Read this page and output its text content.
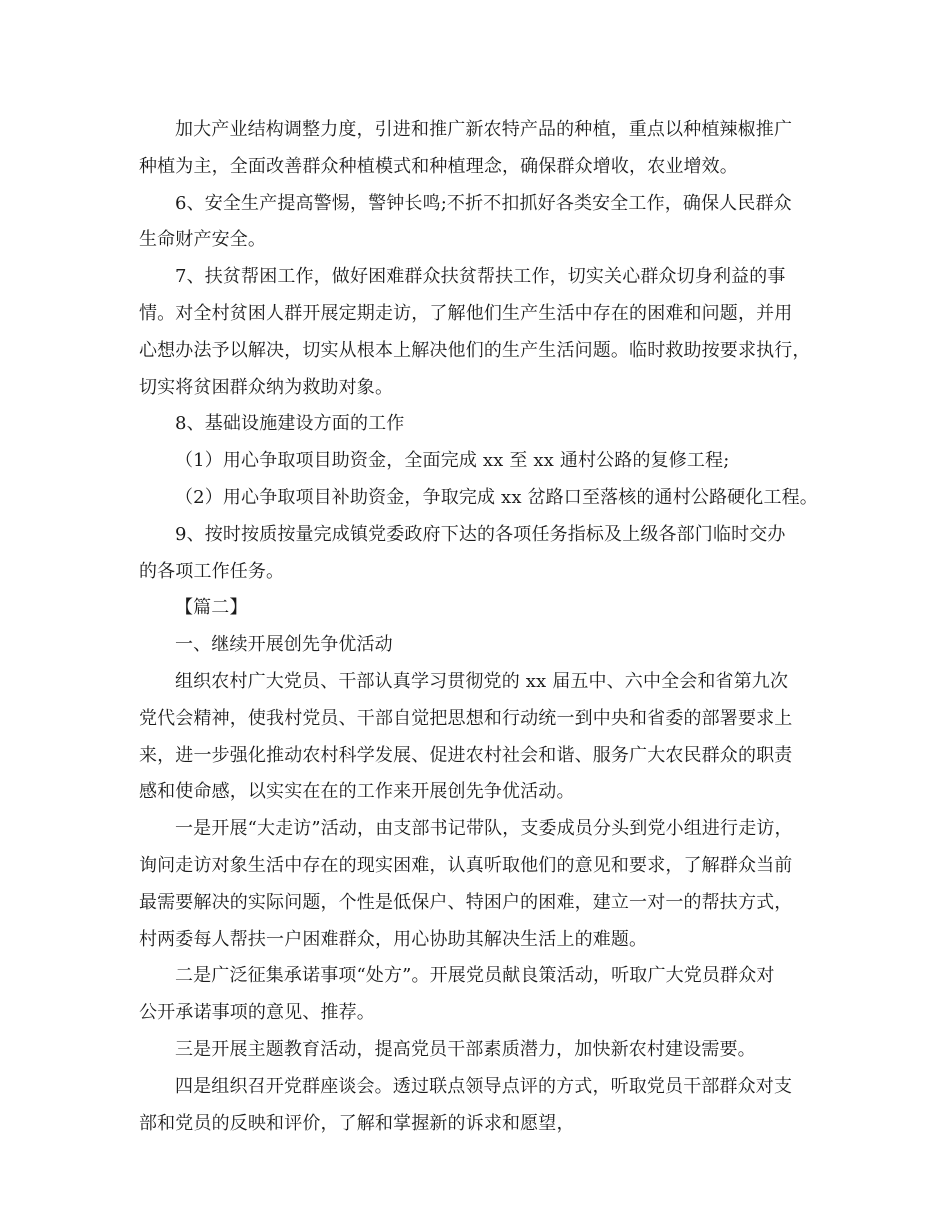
加大产业结构调整力度，引进和推广新农特产品的种植，重点以种植辣椒推广
种植为主，全面改善群众种植模式和种植理念，确保群众增收，农业增效。
6、安全生产提高警惕，警钟长鸣;不折不扣抓好各类安全工作，确保人民群众
生命财产安全。
7、扶贫帮困工作，做好困难群众扶贫帮扶工作，切实关心群众切身利益的事
情。对全村贫困人群开展定期走访，了解他们生产生活中存在的困难和问题，并用
心想办法予以解决，切实从根本上解决他们的生产生活问题。临时救助按要求执行，
切实将贫困群众纳为救助对象。
8、基础设施建设方面的工作
（1）用心争取项目助资金，全面完成 xx 至 xx 通村公路的复修工程;
（2）用心争取项目补助资金，争取完成 xx 岔路口至落核的通村公路硬化工程。
9、按时按质按量完成镇党委政府下达的各项任务指标及上级各部门临时交办
的各项工作任务。
【篇二】
一、继续开展创先争优活动
组织农村广大党员、干部认真学习贯彻党的 xx 届五中、六中全会和省第九次
党代会精神，使我村党员、干部自觉把思想和行动统一到中央和省委的部署要求上
来，进一步强化推动农村科学发展、促进农村社会和谐、服务广大农民群众的职责
感和使命感，以实实在在的工作来开展创先争优活动。
一是开展“大走访”活动，由支部书记带队，支委成员分头到党小组进行走访，
询问走访对象生活中存在的现实困难，认真听取他们的意见和要求，了解群众当前
最需要解决的实际问题，个性是低保户、特困户的困难，建立一对一的帮扶方式，
村两委每人帮扶一户困难群众，用心协助其解决生活上的难题。
二是广泛征集承诺事项“处方”。开展党员献良策活动，听取广大党员群众对
公开承诺事项的意见、推荐。
三是开展主题教育活动，提高党员干部素质潜力，加快新农村建设需要。
四是组织召开党群座谈会。透过联点领导点评的方式，听取党员干部群众对支
部和党员的反映和评价，了解和掌握新的诉求和愿望，
